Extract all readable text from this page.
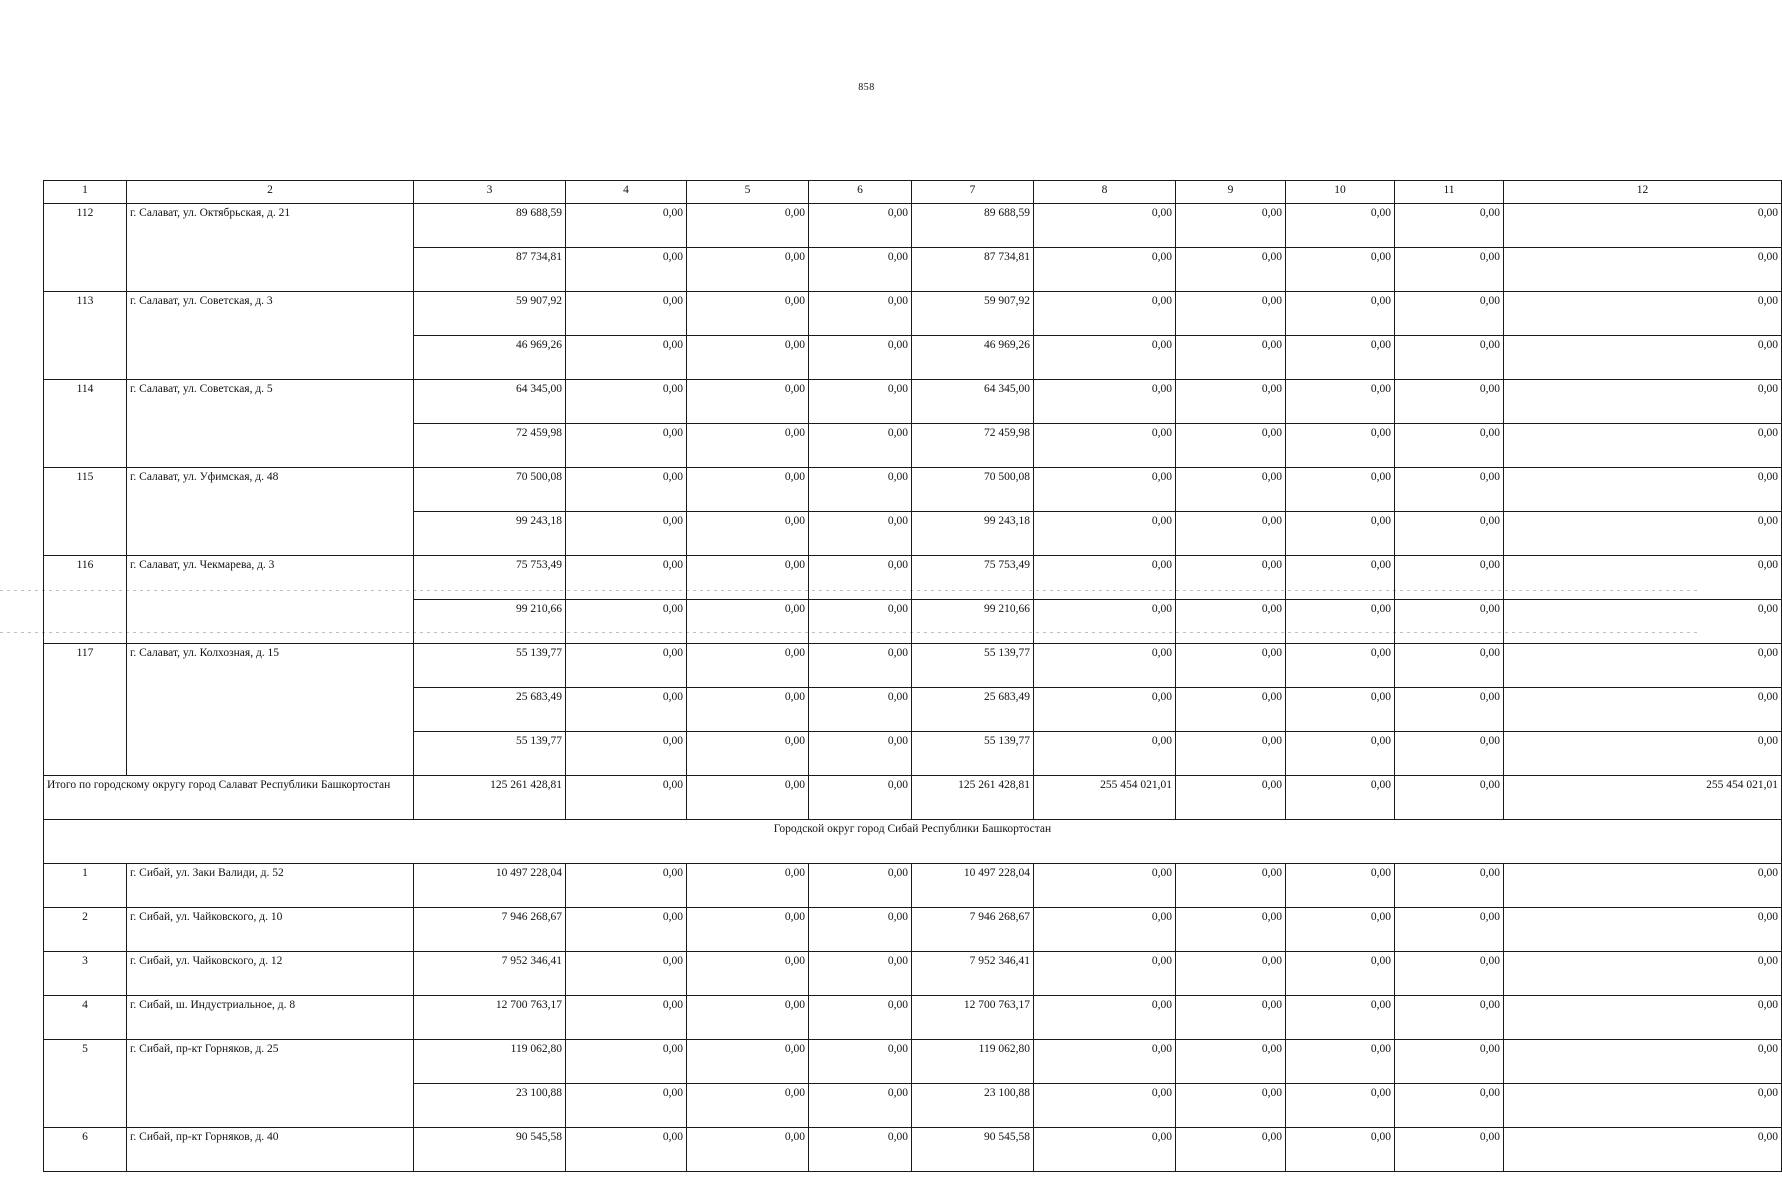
858
1	2	3	4	5	6	7	8	9	10	11	12
112	г. Салават, ул. Октябрьская, д. 21	89 688,59	0,00	0,00	0,00	89 688,59	0,00	0,00	0,00	0,00	0,00
		87 734,81	0,00	0,00	0,00	87 734,81	0,00	0,00	0,00	0,00	0,00
113	г. Салават, ул. Советская, д. 3	59 907,92	0,00	0,00	0,00	59 907,92	0,00	0,00	0,00	0,00	0,00
		46 969,26	0,00	0,00	0,00	46 969,26	0,00	0,00	0,00	0,00	0,00
114	г. Салават, ул. Советская, д. 5	64 345,00	0,00	0,00	0,00	64 345,00	0,00	0,00	0,00	0,00	0,00
		72 459,98	0,00	0,00	0,00	72 459,98	0,00	0,00	0,00	0,00	0,00
115	г. Салават, ул. Уфимская, д. 48	70 500,08	0,00	0,00	0,00	70 500,08	0,00	0,00	0,00	0,00	0,00
		99 243,18	0,00	0,00	0,00	99 243,18	0,00	0,00	0,00	0,00	0,00
116	г. Салават, ул. Чекмарева, д. 3	75 753,49	0,00	0,00	0,00	75 753,49	0,00	0,00	0,00	0,00	0,00
		99 210,66	0,00	0,00	0,00	99 210,66	0,00	0,00	0,00	0,00	0,00
117	г. Салават, ул. Колхозная, д. 15	55 139,77	0,00	0,00	0,00	55 139,77	0,00	0,00	0,00	0,00	0,00
		25 683,49	0,00	0,00	0,00	25 683,49	0,00	0,00	0,00	0,00	0,00
		55 139,77	0,00	0,00	0,00	55 139,77	0,00	0,00	0,00	0,00	0,00
Итого по городскому округу город Салават Республики Башкортостан		125 261 428,81	0,00	0,00	0,00	125 261 428,81	255 454 021,01	0,00	0,00	0,00	255 454 021,01
Городской округ город Сибай Республики Башкортостан											
1	г. Сибай, ул. Заки Валиди, д. 52	10 497 228,04	0,00	0,00	0,00	10 497 228,04	0,00	0,00	0,00	0,00	0,00
2	г. Сибай, ул. Чайковского, д. 10	7 946 268,67	0,00	0,00	0,00	7 946 268,67	0,00	0,00	0,00	0,00	0,00
3	г. Сибай, ул. Чайковского, д. 12	7 952 346,41	0,00	0,00	0,00	7 952 346,41	0,00	0,00	0,00	0,00	0,00
4	г. Сибай, ш. Индустриальное, д. 8	12 700 763,17	0,00	0,00	0,00	12 700 763,17	0,00	0,00	0,00	0,00	0,00
5	г. Сибай, пр-кт Горняков, д. 25	119 062,80	0,00	0,00	0,00	119 062,80	0,00	0,00	0,00	0,00	0,00
		23 100,88	0,00	0,00	0,00	23 100,88	0,00	0,00	0,00	0,00	0,00
6	г. Сибай, пр-кт Горняков, д. 40	90 545,58	0,00	0,00	0,00	90 545,58	0,00	0,00	0,00	0,00	0,00
